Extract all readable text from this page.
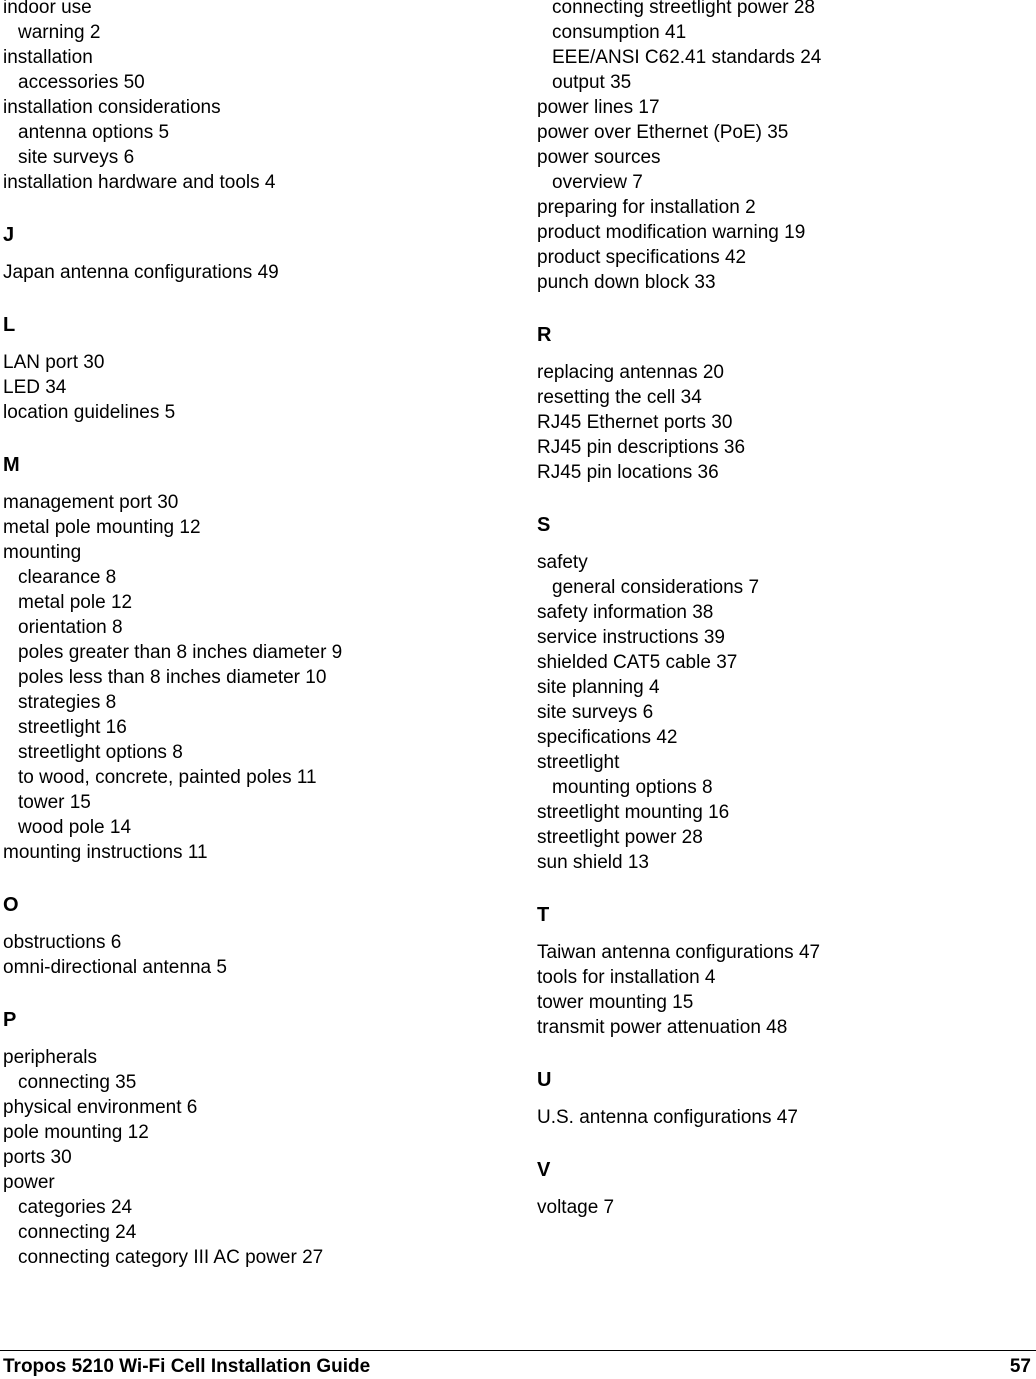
indoor use
warning 2
installation
accessories 50
installation considerations
antenna options 5
site surveys 6
installation hardware and tools 4
J
Japan antenna configurations 49
L
LAN port 30
LED 34
location guidelines 5
M
management port 30
metal pole mounting 12
mounting
clearance 8
metal pole 12
orientation 8
poles greater than 8 inches diameter 9
poles less than 8 inches diameter 10
strategies 8
streetlight 16
streetlight options 8
to wood, concrete, painted poles 11
tower 15
wood pole 14
mounting instructions 11
O
obstructions 6
omni-directional antenna 5
P
peripherals
connecting 35
physical environment 6
pole mounting 12
ports 30
power
categories 24
connecting 24
connecting category III AC power 27
connecting streetlight power 28
consumption 41
EEE/ANSI C62.41 standards 24
output 35
power lines 17
power over Ethernet (PoE) 35
power sources
overview 7
preparing for installation 2
product modification warning 19
product specifications 42
punch down block 33
R
replacing antennas 20
resetting the cell 34
RJ45 Ethernet ports 30
RJ45 pin descriptions 36
RJ45 pin locations 36
S
safety
general considerations 7
safety information 38
service instructions 39
shielded CAT5 cable 37
site planning 4
site surveys 6
specifications 42
streetlight
mounting options 8
streetlight mounting 16
streetlight power 28
sun shield 13
T
Taiwan antenna configurations 47
tools for installation 4
tower mounting 15
transmit power attenuation 48
U
U.S. antenna configurations 47
V
voltage 7
Tropos 5210 Wi-Fi Cell Installation Guide	57
